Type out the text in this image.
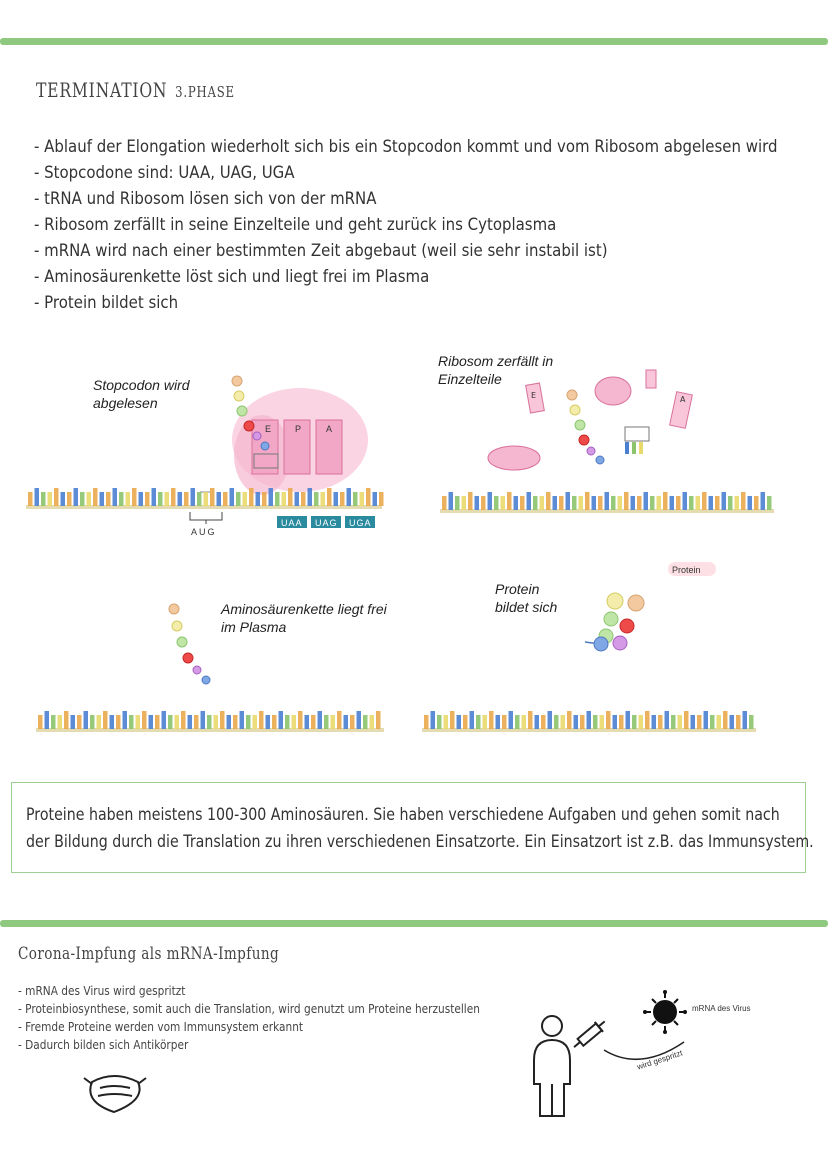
TERMINATION 3.PHASE
- Ablauf der Elongation wiederholt sich bis ein Stopcodon kommt und vom Ribosom abgelesen wird
- Stopcodone sind: UAA, UAG, UGA
- tRNA und Ribosom lösen sich von der mRNA
- Ribosom zerfällt in seine Einzelteile und geht zurück ins Cytoplasma
- mRNA wird nach einer bestimmten Zeit abgebaut (weil sie sehr instabil ist)
- Aminosäurenkette löst sich und liegt frei im Plasma
- Protein bildet sich
E	P	A
AUG
UAA UAG UGA
E	A
Protein
Stopcodon wird abgelesen
Ribosom zerfällt in Einzelteile
Aminosäurenkette liegt frei im Plasma
Protein bildet sich
Proteine haben meistens 100-300 Aminosäuren. Sie haben verschiedene Aufgaben und gehen somit nach
der Bildung durch die Translation zu ihren verschiedenen Einsatzorte. Ein Einsatzort ist z.B. das Immunsystem.
Corona-Impfung als mRNA-Impfung
- mRNA des Virus wird gespritzt
- Proteinbiosynthese, somit auch die Translation, wird genutzt um Proteine herzustellen
- Fremde Proteine werden vom Immunsystem erkannt
- Dadurch bilden sich Antikörper
mRNA des Virus
wird gespritzt
